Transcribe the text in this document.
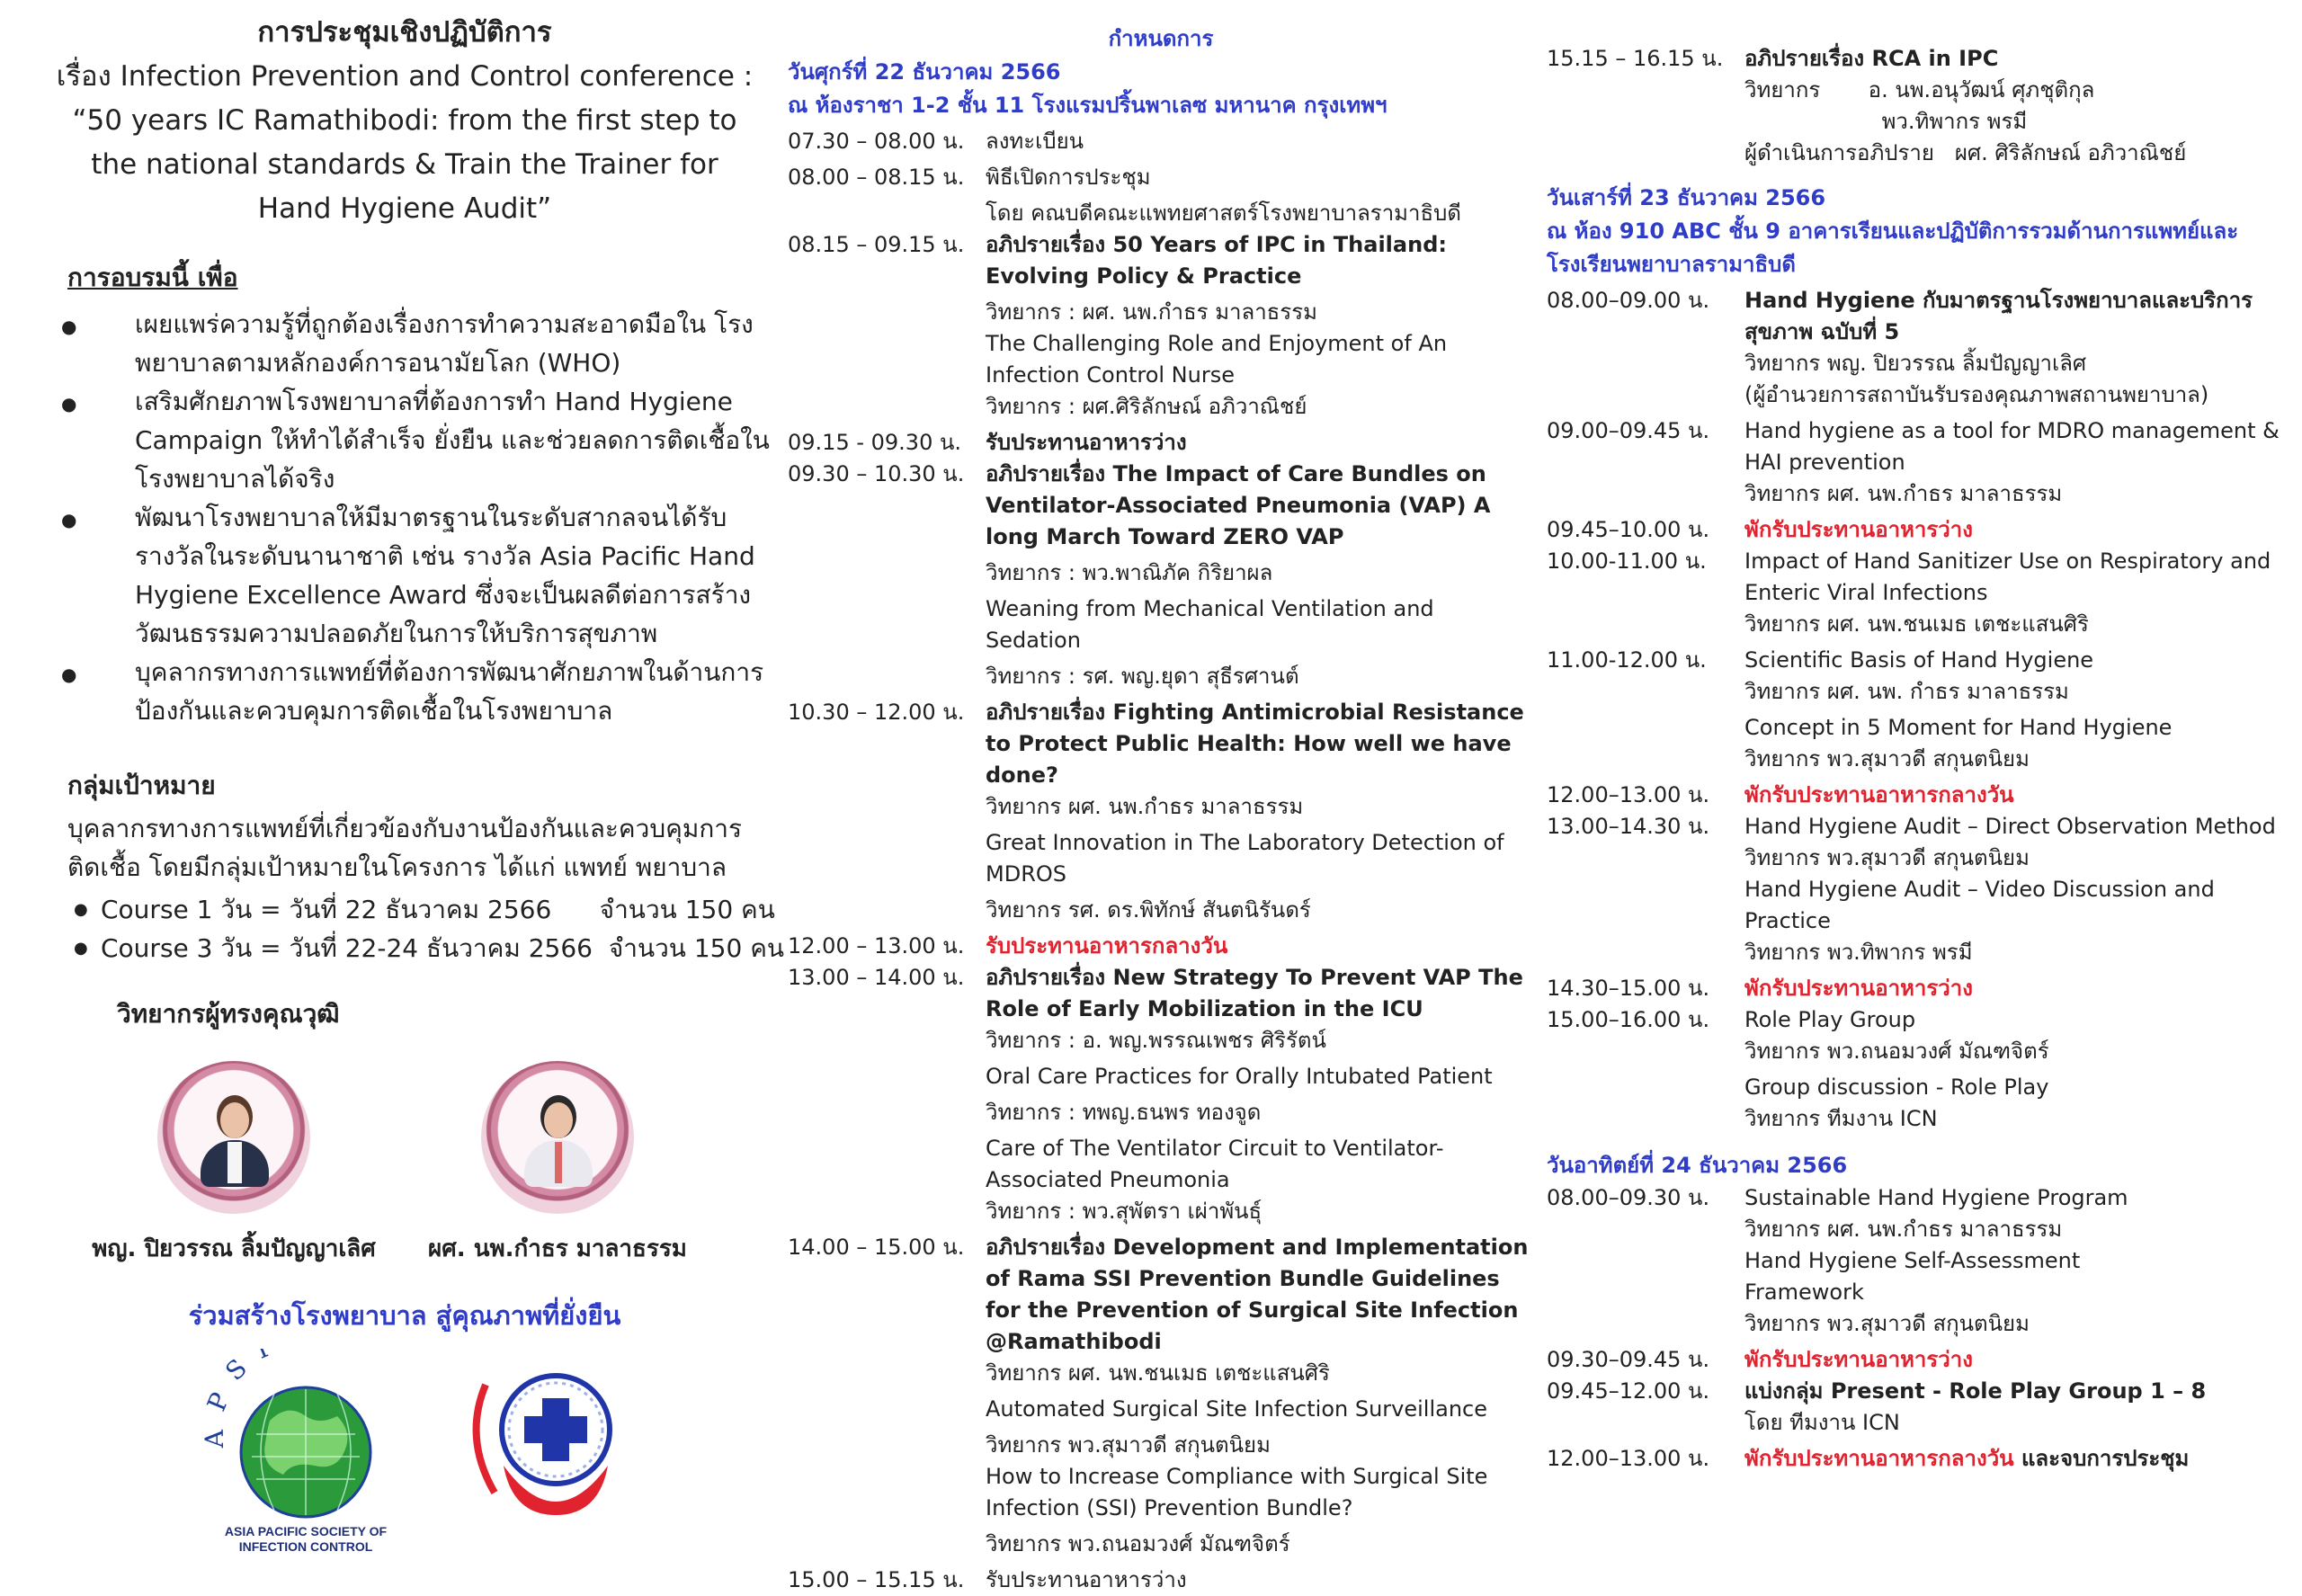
การประชุมเชิงปฏิบัติการ
เรื่อง Infection Prevention and Control conference :
“50 years IC Ramathibodi: from the first step to
the national standards & Train the Trainer for
Hand Hygiene Audit”
การอบรมนี้ เพื่อ
●
เผยแพร่ความรู้ที่ถูกต้องเรื่องการทำความสะอาดมือใน โรงพยาบาลตามหลักองค์การอนามัยโลก (WHO)
●
เสริมศักยภาพโรงพยาบาลที่ต้องการทำ Hand Hygiene Campaign ให้ทำได้สำเร็จ ยั่งยืน และช่วยลดการติดเชื้อใน โรงพยาบาลได้จริง
●
พัฒนาโรงพยาบาลให้มีมาตรฐานในระดับสากลจนได้รับ รางวัลในระดับนานาชาติ เช่น รางวัล Asia Pacific Hand Hygiene Excellence Award ซึ่งจะเป็นผลดีต่อการสร้าง วัฒนธรรมความปลอดภัยในการให้บริการสุขภาพ
●
บุคลากรทางการแพทย์ที่ต้องการพัฒนาศักยภาพในด้านการ ป้องกันและควบคุมการติดเชื้อในโรงพยาบาล
กลุ่มเป้าหมาย
บุคลากรทางการแพทย์ที่เกี่ยวข้องกับงานป้องกันและควบคุมการติดเชื้อ โดยมีกลุ่มเป้าหมายในโครงการ ได้แก่ แพทย์ พยาบาล
● Course 1 วัน = วันที่ 22 ธันวาคม 2566 จำนวน 150 คน
● Course 3 วัน = วันที่ 22-24 ธันวาคม 2566 จำนวน 150 คน
วิทยากรผู้ทรงคุณวุฒิ
พญ. ปิยวรรณ ลิ้มปัญญาเลิศ	ผศ. นพ.กำธร มาลาธรรม
ร่วมสร้างโรงพยาบาล สู่คุณภาพที่ยั่งยืน
APS
ASIA PACIFIC SOCIETY OF
INFECTION CONTROL
กำหนดการ
วันศุกร์ที่ 22 ธันวาคม 2566
ณ ห้องราชา 1-2 ชั้น 11 โรงแรมปริ้นพาเลซ มหานาค กรุงเทพฯ
07.30 – 08.00 น. ลงทะเบียน
08.00 – 08.15 น. พิธีเปิดการประชุม
โดย คณบดีคณะแพทยศาสตร์โรงพยาบาลรามาธิบดี
08.15 – 09.15 น. อภิปรายเรื่อง 50 Years of IPC in Thailand: Evolving Policy & Practice
วิทยากร : ผศ. นพ.กำธร มาลาธรรม
The Challenging Role and Enjoyment of An Infection Control Nurse
วิทยากร : ผศ.ศิริลักษณ์ อภิวาณิชย์
09.15 - 09.30 น.	รับประทานอาหารว่าง
09.30 – 10.30 น. อภิปรายเรื่อง The Impact of Care Bundles on Ventilator-Associated Pneumonia (VAP) A long March Toward ZERO VAP
วิทยากร : พว.พาณิภัค กิริยาผล
Weaning from Mechanical Ventilation and Sedation
วิทยากร : รศ. พญ.ยุดา สุธีรศานต์
10.30 – 12.00 น. อภิปรายเรื่อง Fighting Antimicrobial Resistance to Protect Public Health: How well we have done?
วิทยากร ผศ. นพ.กำธร มาลาธรรม
Great Innovation in The Laboratory Detection of MDROS
วิทยากร รศ. ดร.พิทักษ์ สันตนิรันดร์
12.00 – 13.00 น. รับประทานอาหารกลางวัน
13.00 – 14.00 น. อภิปรายเรื่อง New Strategy To Prevent VAP The Role of Early Mobilization in the ICU
วิทยากร : อ. พญ.พรรณเพชร ศิริรัตน์
Oral Care Practices for Orally Intubated Patient
วิทยากร : ทพญ.ธนพร ทองจูด
Care of The Ventilator Circuit to Ventilator-Associated Pneumonia
วิทยากร : พว.สุพัตรา เผ่าพันธุ์
14.00 – 15.00 น. อภิปรายเรื่อง Development and Implementation of Rama SSI Prevention Bundle Guidelines for the Prevention of Surgical Site Infection @Ramathibodi
วิทยากร ผศ. นพ.ชนเมธ เตชะแสนศิริ
Automated Surgical Site Infection Surveillance
วิทยากร พว.สุมาวดี สกุนตนิยม
How to Increase Compliance with Surgical Site Infection (SSI) Prevention Bundle?
วิทยากร พว.ถนอมวงศ์ มัณฑจิตร์
15.00 – 15.15 น. รับประทานอาหารว่าง
15.15 – 16.15 น. อภิปรายเรื่อง RCA in IPC
วิทยากร       อ. นพ.อนุวัฒน์ ศุภชุติกุล
พว.ทิพากร พรมี
ผู้ดำเนินการอภิปราย   ผศ. ศิริลักษณ์ อภิวาณิชย์
วันเสาร์ที่ 23 ธันวาคม 2566
ณ ห้อง 910 ABC ชั้น 9 อาคารเรียนและปฏิบัติการรวมด้านการแพทย์และ โรงเรียนพยาบาลรามาธิบดี
08.00–09.00 น.	Hand Hygiene กับมาตรฐานโรงพยาบาลและบริการสุขภาพ ฉบับที่ 5
วิทยากร พญ. ปิยวรรณ ลิ้มปัญญาเลิศ
(ผู้อำนวยการสถาบันรับรองคุณภาพสถานพยาบาล)
09.00–09.45 น.	Hand hygiene as a tool for MDRO management & HAI prevention
วิทยากร ผศ. นพ.กำธร มาลาธรรม
09.45–10.00 น.	พักรับประทานอาหารว่าง
10.00-11.00 น.	Impact of Hand Sanitizer Use on Respiratory and Enteric Viral Infections
วิทยากร ผศ. นพ.ชนเมธ เตชะแสนศิริ
11.00-12.00 น.	Scientific Basis of Hand Hygiene
วิทยากร ผศ. นพ. กำธร มาลาธรรม
Concept in 5 Moment for Hand Hygiene
วิทยากร พว.สุมาวดี สกุนตนิยม
12.00–13.00 น.	พักรับประทานอาหารกลางวัน
13.00–14.30 น.	Hand Hygiene Audit – Direct Observation Method
วิทยากร พว.สุมาวดี สกุนตนิยม
Hand Hygiene Audit – Video Discussion and Practice
วิทยากร พว.ทิพากร พรมี
14.30–15.00 น.	พักรับประทานอาหารว่าง
15.00–16.00 น.	Role Play Group
วิทยากร พว.ถนอมวงศ์ มัณฑจิตร์
Group discussion - Role Play
วิทยากร ทีมงาน ICN
วันอาทิตย์ที่ 24 ธันวาคม 2566
08.00–09.30 น.	Sustainable Hand Hygiene Program
วิทยากร ผศ. นพ.กำธร มาลาธรรม
Hand Hygiene Self-Assessment Framework
วิทยากร พว.สุมาวดี สกุนตนิยม
09.30–09.45 น.	พักรับประทานอาหารว่าง
09.45–12.00 น.	แบ่งกลุ่ม Present - Role Play Group 1 – 8
โดย ทีมงาน ICN
12.00–13.00 น.	พักรับประทานอาหารกลางวัน และจบการประชุม
